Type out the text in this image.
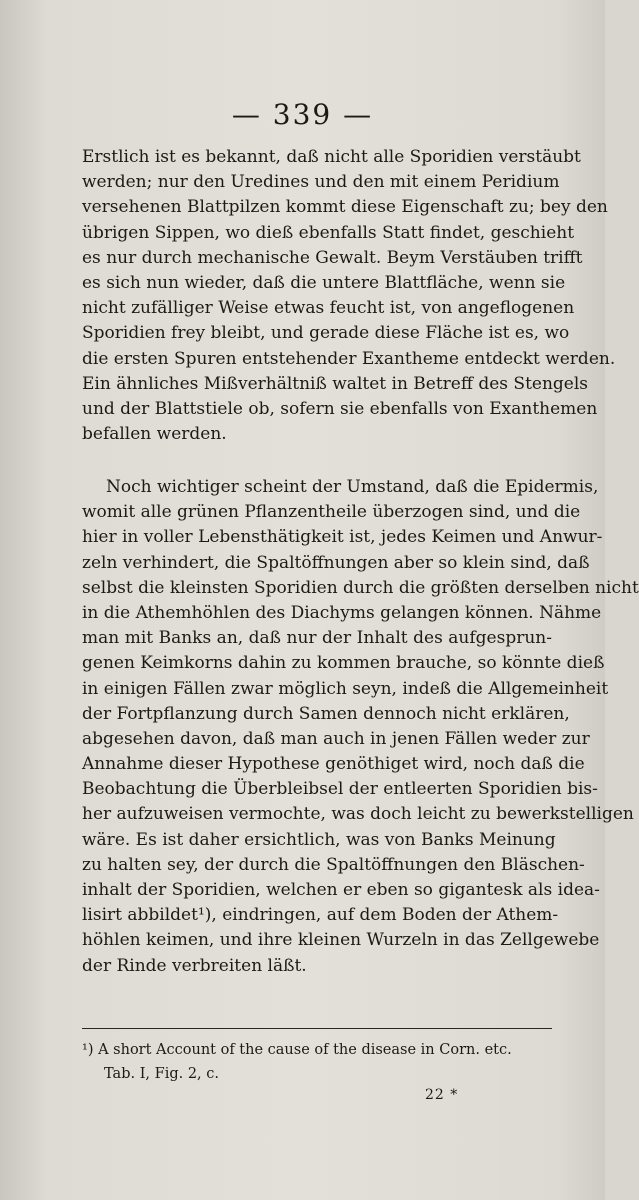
— 339 —
Erstlich ist es bekannt, daß nicht alle Sporidien verstäubt
werden; nur den Uredines und den mit einem Peridium
versehenen Blattpilzen kommt diese Eigenschaft zu; bey den
übrigen Sippen, wo dieß ebenfalls Statt findet, geschieht
es nur durch mechanische Gewalt. Beym Verstäuben trifft
es sich nun wieder, daß die untere Blattfläche, wenn sie
nicht zufälliger Weise etwas feucht ist, von angeflogenen
Sporidien frey bleibt, und gerade diese Fläche ist es, wo
die ersten Spuren entstehender Exantheme entdeckt werden.
Ein ähnliches Mißverhältniß waltet in Betreff des Stengels
und der Blattstiele ob, sofern sie ebenfalls von Exanthemen
befallen werden.
Noch wichtiger scheint der Umstand, daß die Epidermis,
womit alle grünen Pflanzentheile überzogen sind, und die
hier in voller Lebensthätigkeit ist, jedes Keimen und Anwur-
zeln verhindert, die Spaltöffnungen aber so klein sind, daß
selbst die kleinsten Sporidien durch die größten derselben nicht
in die Athemhöhlen des Diachyms gelangen können. Nähme
man mit Banks an, daß nur der Inhalt des aufgesprun-
genen Keimkorns dahin zu kommen brauche, so könnte dieß
in einigen Fällen zwar möglich seyn, indeß die Allgemeinheit
der Fortpflanzung durch Samen dennoch nicht erklären,
abgesehen davon, daß man auch in jenen Fällen weder zur
Annahme dieser Hypothese genöthiget wird, noch daß die
Beobachtung die Überbleibsel der entleerten Sporidien bis-
her aufzuweisen vermochte, was doch leicht zu bewerkstelligen
wäre. Es ist daher ersichtlich, was von Banks Meinung
zu halten sey, der durch die Spaltöffnungen den Bläschen-
inhalt der Sporidien, welchen er eben so gigantesk als idea-
lisirt abbildet¹), eindringen, auf dem Boden der Athem-
höhlen keimen, und ihre kleinen Wurzeln in das Zellgewebe
der Rinde verbreiten läßt.
¹) A short Account of the cause of the disease in Corn. etc.
Tab. I, Fig. 2, c.
22 *
